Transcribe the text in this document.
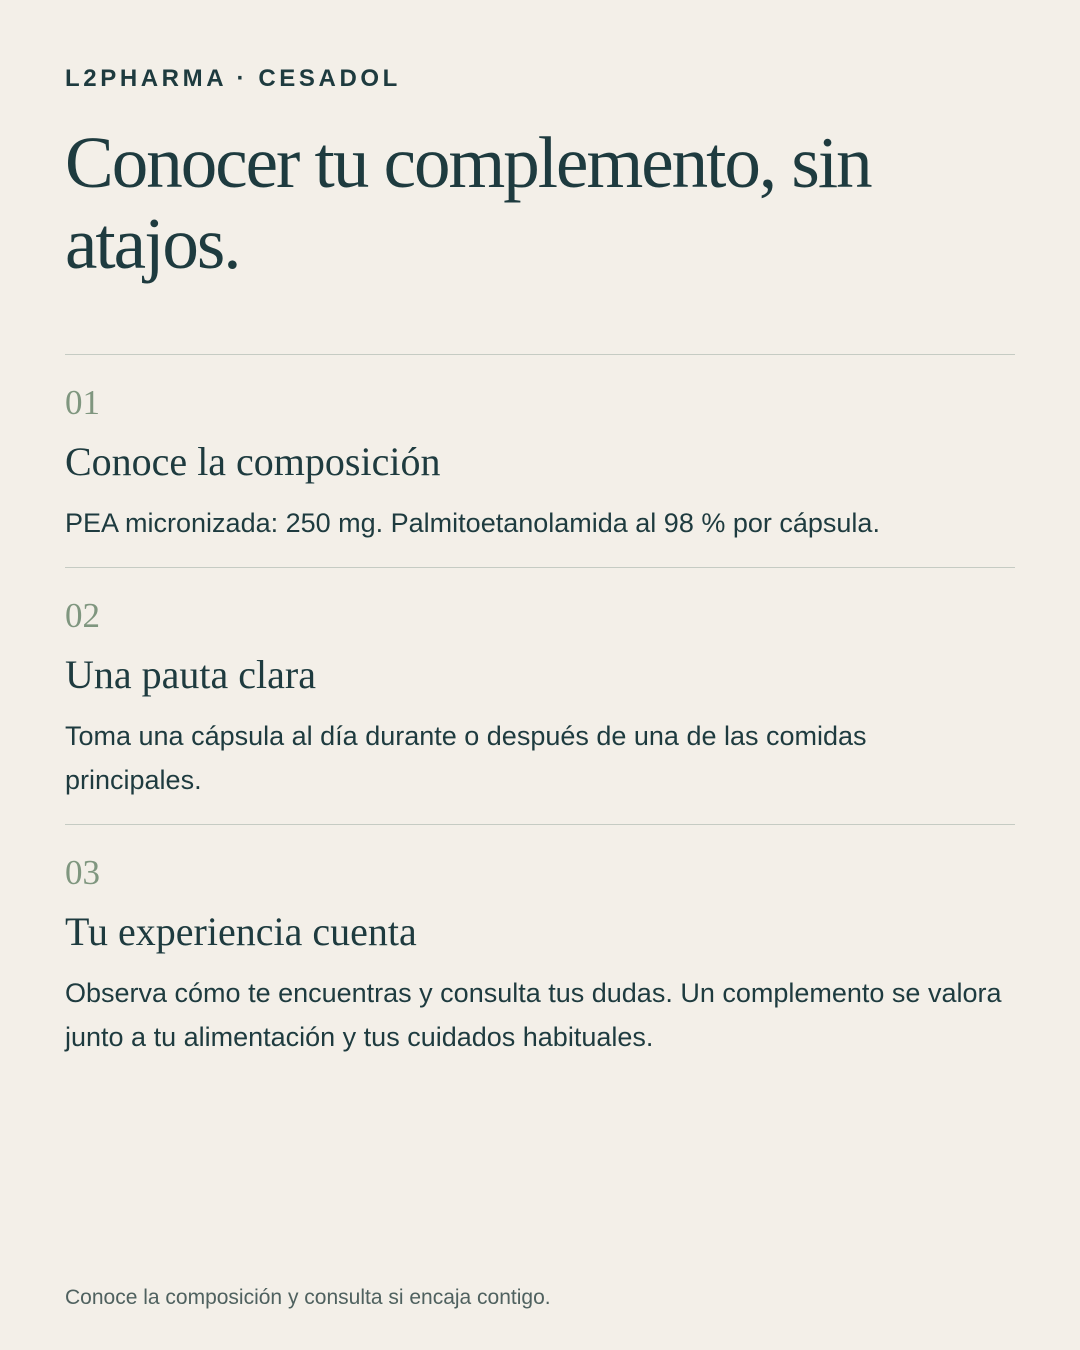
L2PHARMA · CESADOL
Conocer tu complemento, sin atajos.
01
Conoce la composición

PEA micronizada: 250 mg. Palmitoetanolamida al 98 % por cápsula.

02
Una pauta clara

Toma una cápsula al día durante o después de una de las comidas principales.

03
Tu experiencia cuenta

Observa cómo te encuentras y consulta tus dudas. Un complemento se valora junto a tu alimentación y tus cuidados habituales.

Conoce la composición y consulta si encaja contigo.
